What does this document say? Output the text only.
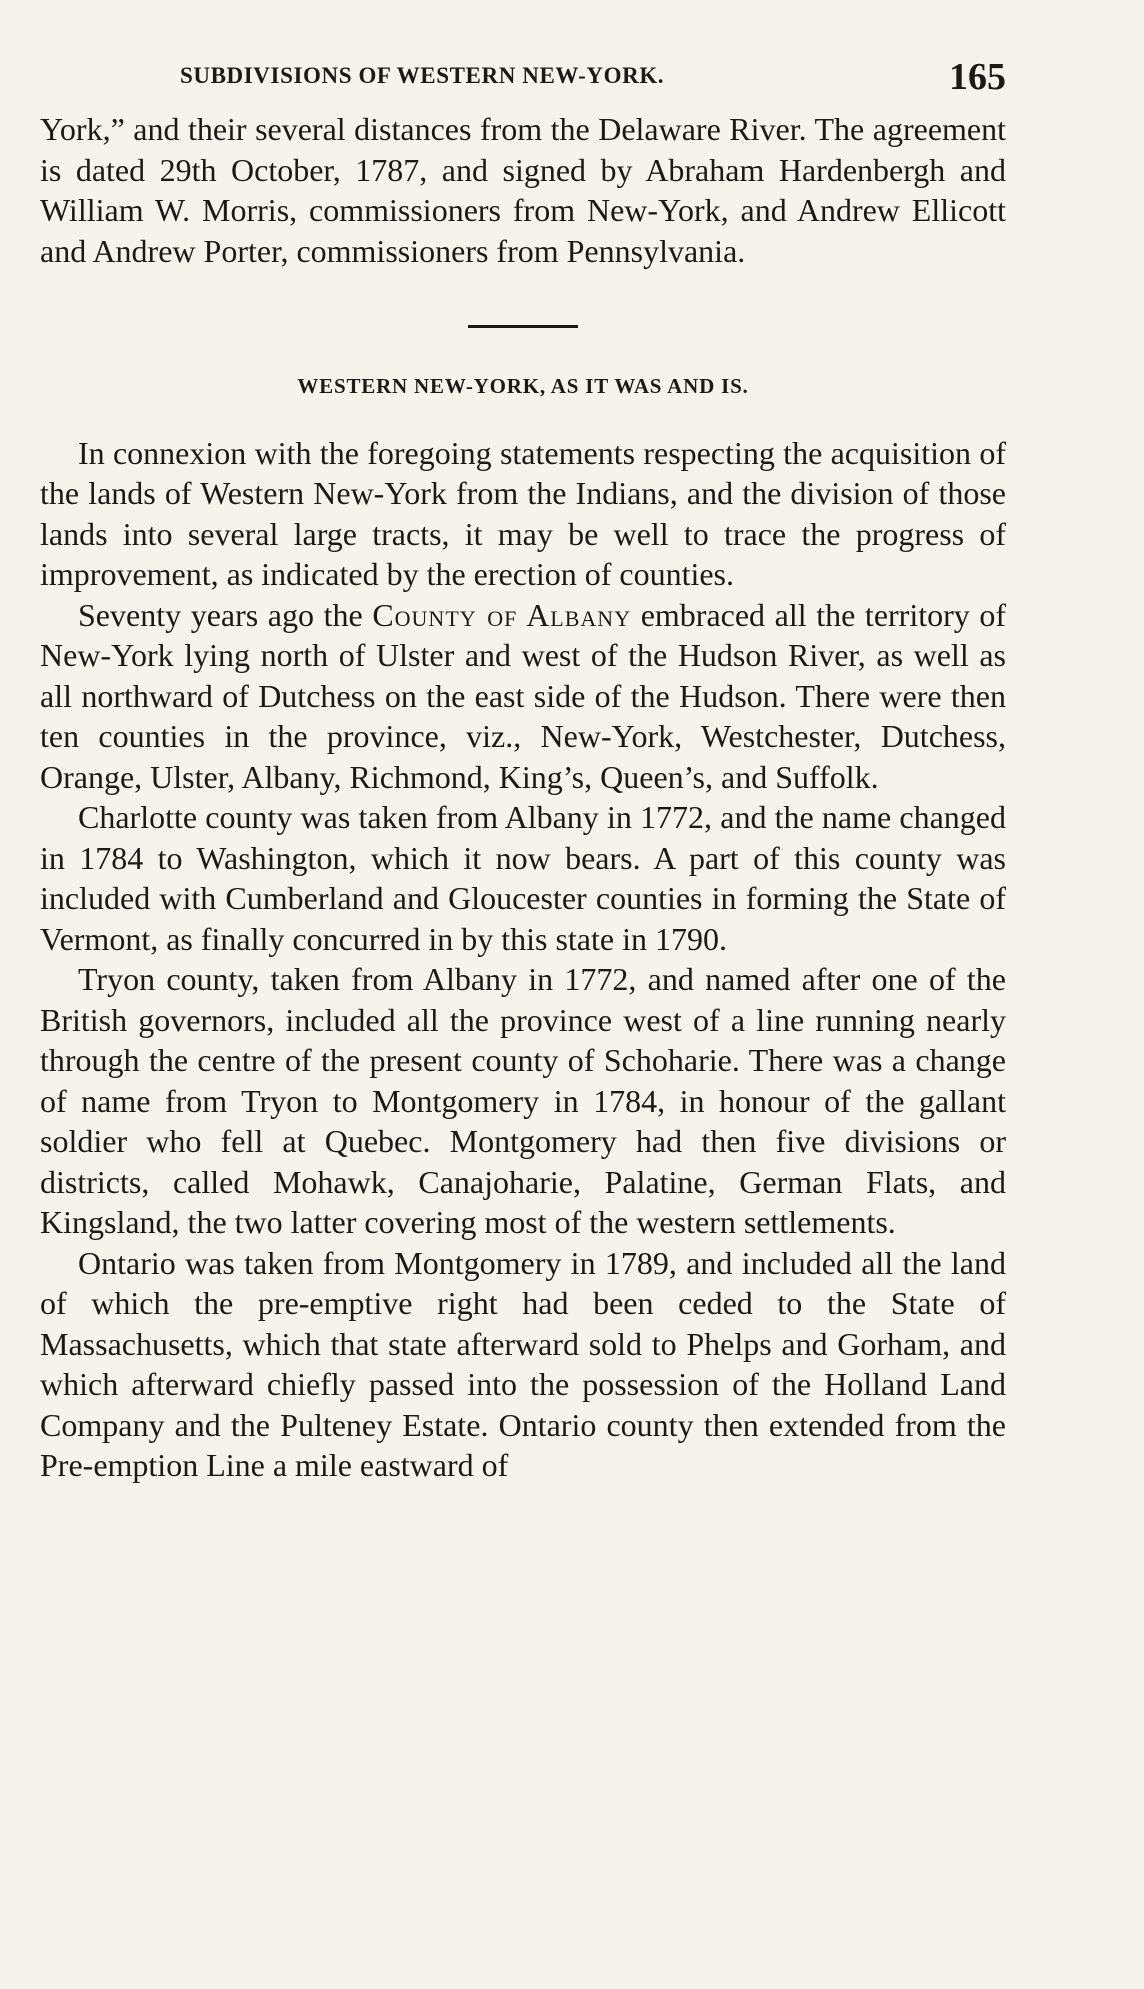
SUBDIVISIONS OF WESTERN NEW-YORK.	165

York,” and their several distances from the Delaware River. The agreement is dated 29th October, 1787, and signed by Abraham Hardenbergh and William W. Morris, commissioners from New-York, and Andrew Ellicott and Andrew Porter, commissioners from Pennsylvania.

WESTERN NEW-YORK, AS IT WAS AND IS.

In connexion with the foregoing statements respecting the acquisition of the lands of Western New-York from the Indians, and the division of those lands into several large tracts, it may be well to trace the progress of improvement, as indicated by the erection of counties.

Seventy years ago the County of Albany embraced all the territory of New-York lying north of Ulster and west of the Hudson River, as well as all northward of Dutchess on the east side of the Hudson. There were then ten counties in the province, viz., New-York, Westchester, Dutchess, Orange, Ulster, Albany, Richmond, King’s, Queen’s, and Suffolk.

Charlotte county was taken from Albany in 1772, and the name changed in 1784 to Washington, which it now bears. A part of this county was included with Cumberland and Gloucester counties in forming the State of Vermont, as finally concurred in by this state in 1790.

Tryon county, taken from Albany in 1772, and named after one of the British governors, included all the province west of a line running nearly through the centre of the present county of Schoharie. There was a change of name from Tryon to Montgomery in 1784, in honour of the gallant soldier who fell at Quebec. Montgomery had then five divisions or districts, called Mohawk, Canajoharie, Palatine, German Flats, and Kingsland, the two latter covering most of the western settlements.

Ontario was taken from Montgomery in 1789, and included all the land of which the pre-emptive right had been ceded to the State of Massachusetts, which that state afterward sold to Phelps and Gorham, and which afterward chiefly passed into the possession of the Holland Land Company and the Pulteney Estate. Ontario county then extended from the Pre-emption Line a mile eastward of
